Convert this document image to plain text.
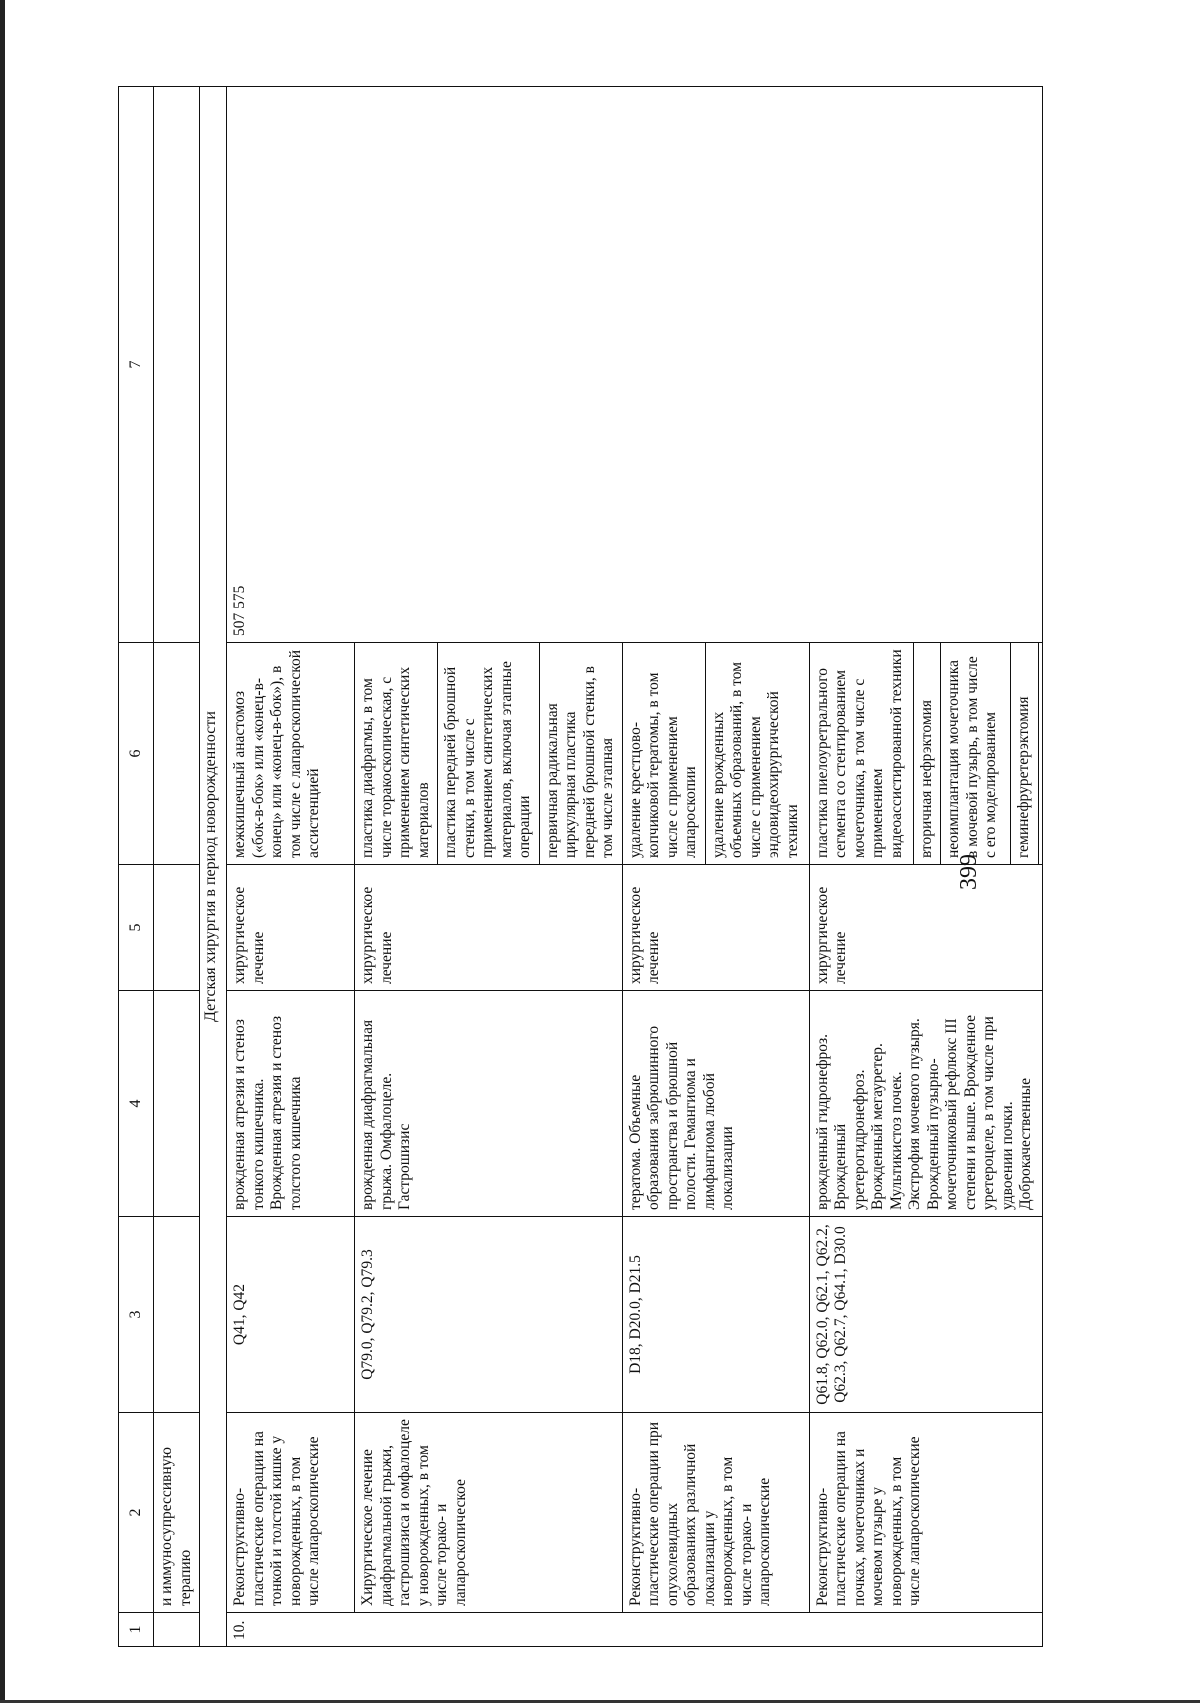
399
1	2	3	4	5	6	7
	и иммуносупрессивную терапию					
Детская хирургия в период новорожденности						
10.	Реконструктивно-пластические операции на тонкой и толстой кишке у новорожденных, в том числе лапароскопические	Q41, Q42	врожденная атрезия и стеноз тонкого кишечника. Врожденная атрезия и стеноз толстого кишечника	хирургическое лечение	межкишечный анастомоз («бок-в-бок» или «конец-в-конец» или «конец-в-бок»), в том числе с лапароскопической ассистенцией	507 575
	Хирургическое лечение диафрагмальной грыжи, гастрошизиса и омфалоцеле у новорожденных, в том числе торако- и лапароскопическое	Q79.0, Q79.2, Q79.3	врожденная диафрагмальная грыжа. Омфалоцеле. Гастрошизис	хирургическое лечение	пластика диафрагмы, в том числе торакоскопическая, с применением синтетических материалов	
					пластика передней брюшной стенки, в том числе с применением синтетических материалов, включая этапные операции	
					первичная радикальная циркулярная пластика передней брюшной стенки, в том числе этапная	
	Реконструктивно-пластические операции при опухолевидных образованиях различной локализации у новорожденных, в том числе торако- и лапароскопические	D18, D20.0, D21.5	тератома. Объемные образования забрюшинного пространства и брюшной полости. Гемангиома и лимфангиома любой локализации	хирургическое лечение	удаление крестцово-копчиковой тератомы, в том числе с применением лапароскопии	
					удаление врожденных объемных образований, в том числе с применением эндовидеохирургической техники	
	Реконструктивно-пластические операции на почках, мочеточниках и мочевом пузыре у новорожденных, в том числе лапароскопические	Q61.8, Q62.0, Q62.1, Q62.2, Q62.3, Q62.7, Q64.1, D30.0	врожденный гидронефроз. Врожденный уретерогидронефроз. Врожденный мегауретер. Мультикистоз почек. Экстрофия мочевого пузыря. Врожденный пузырно-мочеточниковый рефлюкс III степени и выше. Врожденное уретероцеле, в том числе при удвоении почки. Доброкачественные	хирургическое лечение	пластика пиелоуретрального сегмента со стентированием мочеточника, в том числе с применением видеоассистированной техники	
					вторичная нефрэктомия	
					неоимплантация мочеточника в мочевой пузырь, в том числе с его моделированием	
					геминефруретерэктомия	
